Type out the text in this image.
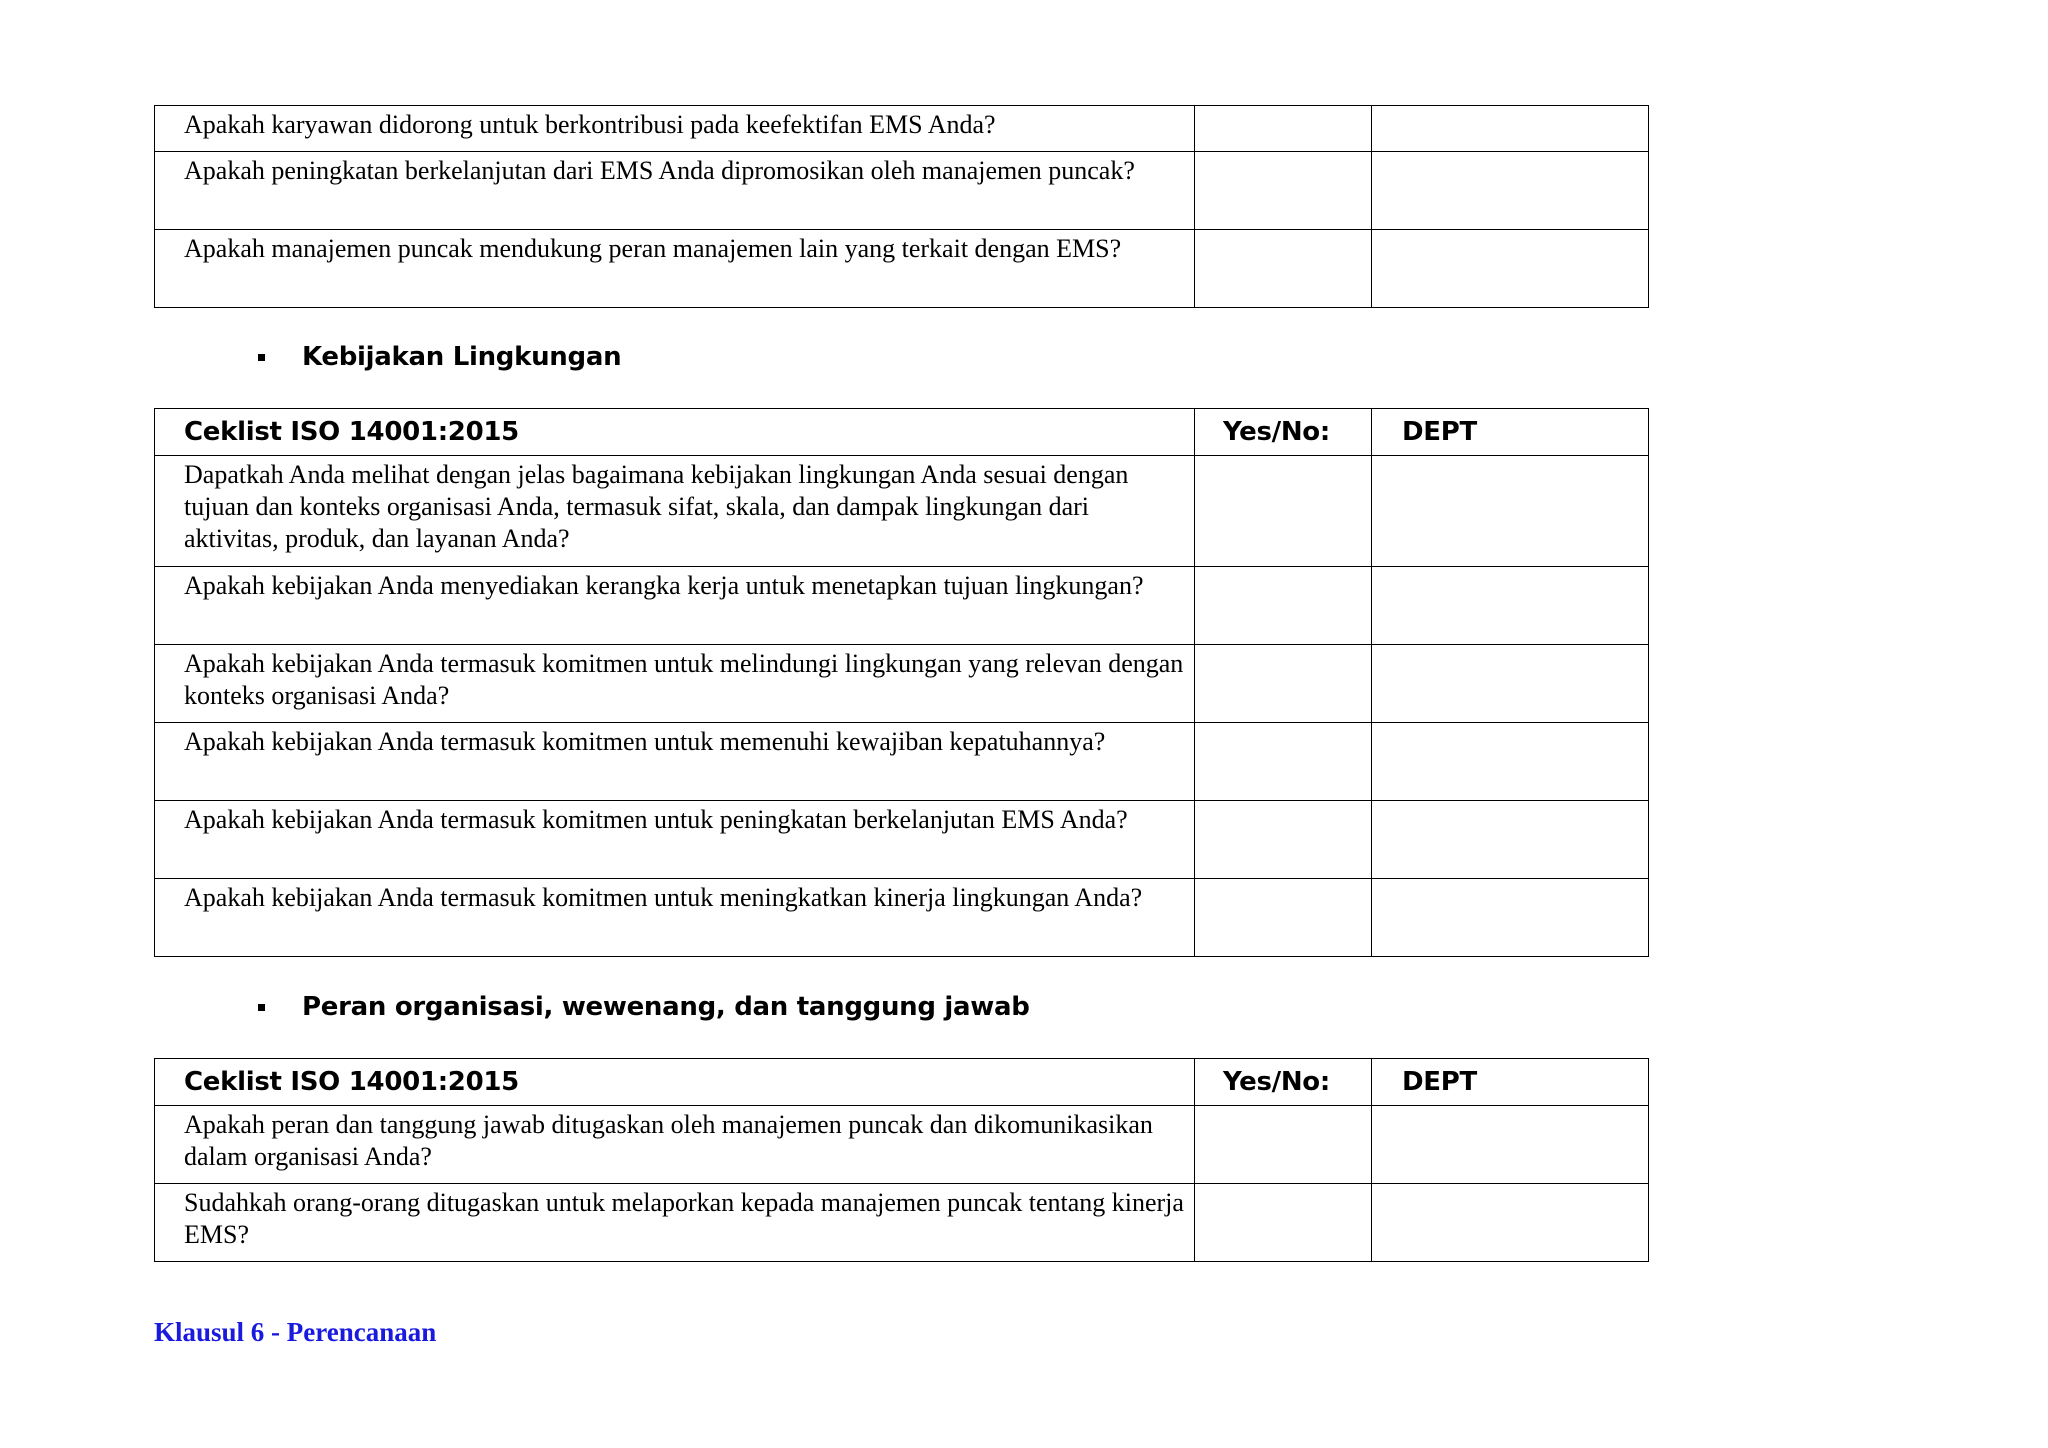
Apakah karyawan didorong untuk berkontribusi pada keefektifan EMS Anda?		
Apakah peningkatan berkelanjutan dari EMS Anda dipromosikan oleh manajemen puncak?		
Apakah manajemen puncak mendukung peran manajemen lain yang terkait dengan EMS?		
Kebijakan Lingkungan
Ceklist ISO 14001:2015	Yes/No:	DEPT
Dapatkah Anda melihat dengan jelas bagaimana kebijakan lingkungan Anda sesuai dengan tujuan dan konteks organisasi Anda, termasuk sifat, skala, dan dampak lingkungan dari aktivitas, produk, dan layanan Anda?		
Apakah kebijakan Anda menyediakan kerangka kerja untuk menetapkan tujuan lingkungan?		
Apakah kebijakan Anda termasuk komitmen untuk melindungi lingkungan yang relevan dengan konteks organisasi Anda?		
Apakah kebijakan Anda termasuk komitmen untuk memenuhi kewajiban kepatuhannya?		
Apakah kebijakan Anda termasuk komitmen untuk peningkatan berkelanjutan EMS Anda?		
Apakah kebijakan Anda termasuk komitmen untuk meningkatkan kinerja lingkungan Anda?		
Peran organisasi, wewenang, dan tanggung jawab
Ceklist ISO 14001:2015	Yes/No:	DEPT
Apakah peran dan tanggung jawab ditugaskan oleh manajemen puncak dan dikomunikasikan dalam organisasi Anda?		
Sudahkah orang-orang ditugaskan untuk melaporkan kepada manajemen puncak tentang kinerja EMS?		
Klausul 6 - Perencanaan
